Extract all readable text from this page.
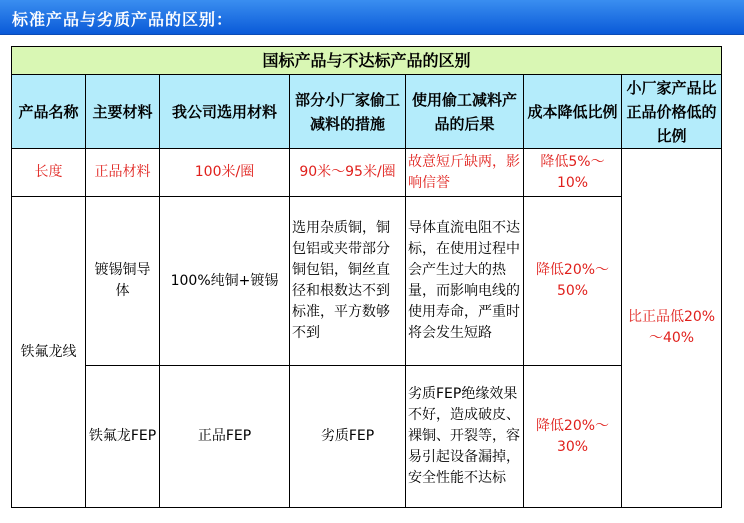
标准产品与劣质产品的区别：
国标产品与不达标产品的区别						
产品名称	主要材料	我公司选用材料	部分小厂家偷工减料的措施	使用偷工减料产品的后果	成本降低比例	小厂家产品比正品价格低的比例
长度	正品材料	100米/圈	90米～95米/圈	故意短斤缺两，影响信誉	降低5%～10%	比正品低20%～40%
铁氟龙线	镀锡铜导体	100%纯铜+镀锡	选用杂质铜，铜包铝或夹带部分铜包铝，铜丝直径和根数达不到标准，平方数够不到	导体直流电阻不达标，在使用过程中会产生过大的热量，而影响电线的使用寿命，严重时将会发生短路	降低20%～50%	
	铁氟龙FEP	正品FEP	劣质FEP	劣质FEP绝缘效果不好，造成破皮、裸铜、开裂等，容易引起设备漏掉，安全性能不达标	降低20%～30%	
